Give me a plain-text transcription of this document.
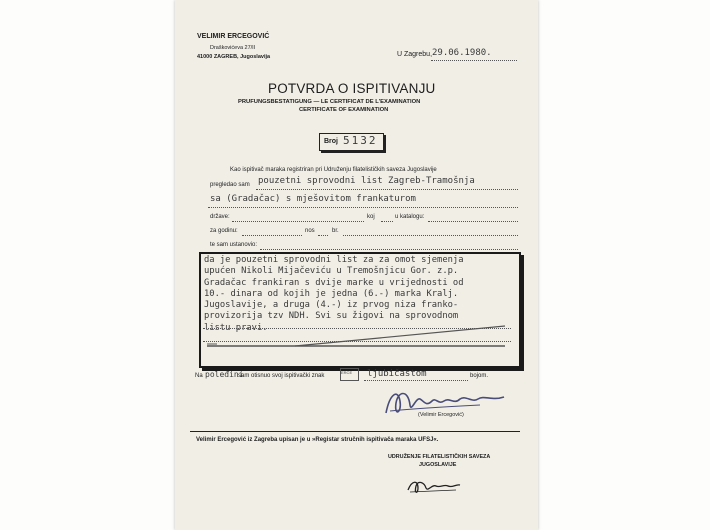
VELIMIR ERCEGOVIĆ
Draškovićeva 27/II
41000 ZAGREB, Jugoslavija	U Zagrebu, 29.06.1980.
POTVRDA O ISPITIVANJU
PRUFUNGSBESTATIGUNG — LE CERTIFICAT DE L'EXAMINATION
CERTIFICATE OF EXAMINATION
Broj 5132
Kao ispitivač maraka registriran pri Udruženju filatelističkih saveza Jugoslavije
pregledao sam pouzetni sprovodni list Zagreb-Tramošnja
sa (Gradačac) s mješovitom frankaturom
države:	koj	u katalogu:
za godinu:	nos	br.
te sam ustanovio:
da je pouzetni sprovodni list za za omot sjemenja
upućen Nikoli Mijačeviću u Tremošnjicu Gor. z.p.
Gradačac frankiran s dvije marke u vrijednosti od
10.- dinara od kojih je jedna (6.-) marka Kralj.
Jugoslavije, a druga (4.-) iz prvog niza franko-
provizorija tzv NDH. Svi su žigovi na sprovodnom
listu pravi.
Na poleđini
sam otisnuo svoj ispitivački znak
ERCE ljubičastom	bojom.
(Velimir Ercegović)
Velimir Ercegović iz Zagreba upisan je u »Registar stručnih ispitivača maraka UFSJ«.
UDRUŽENJE FILATELISTIČKIH SAVEZA
JUGOSLAVIJE
